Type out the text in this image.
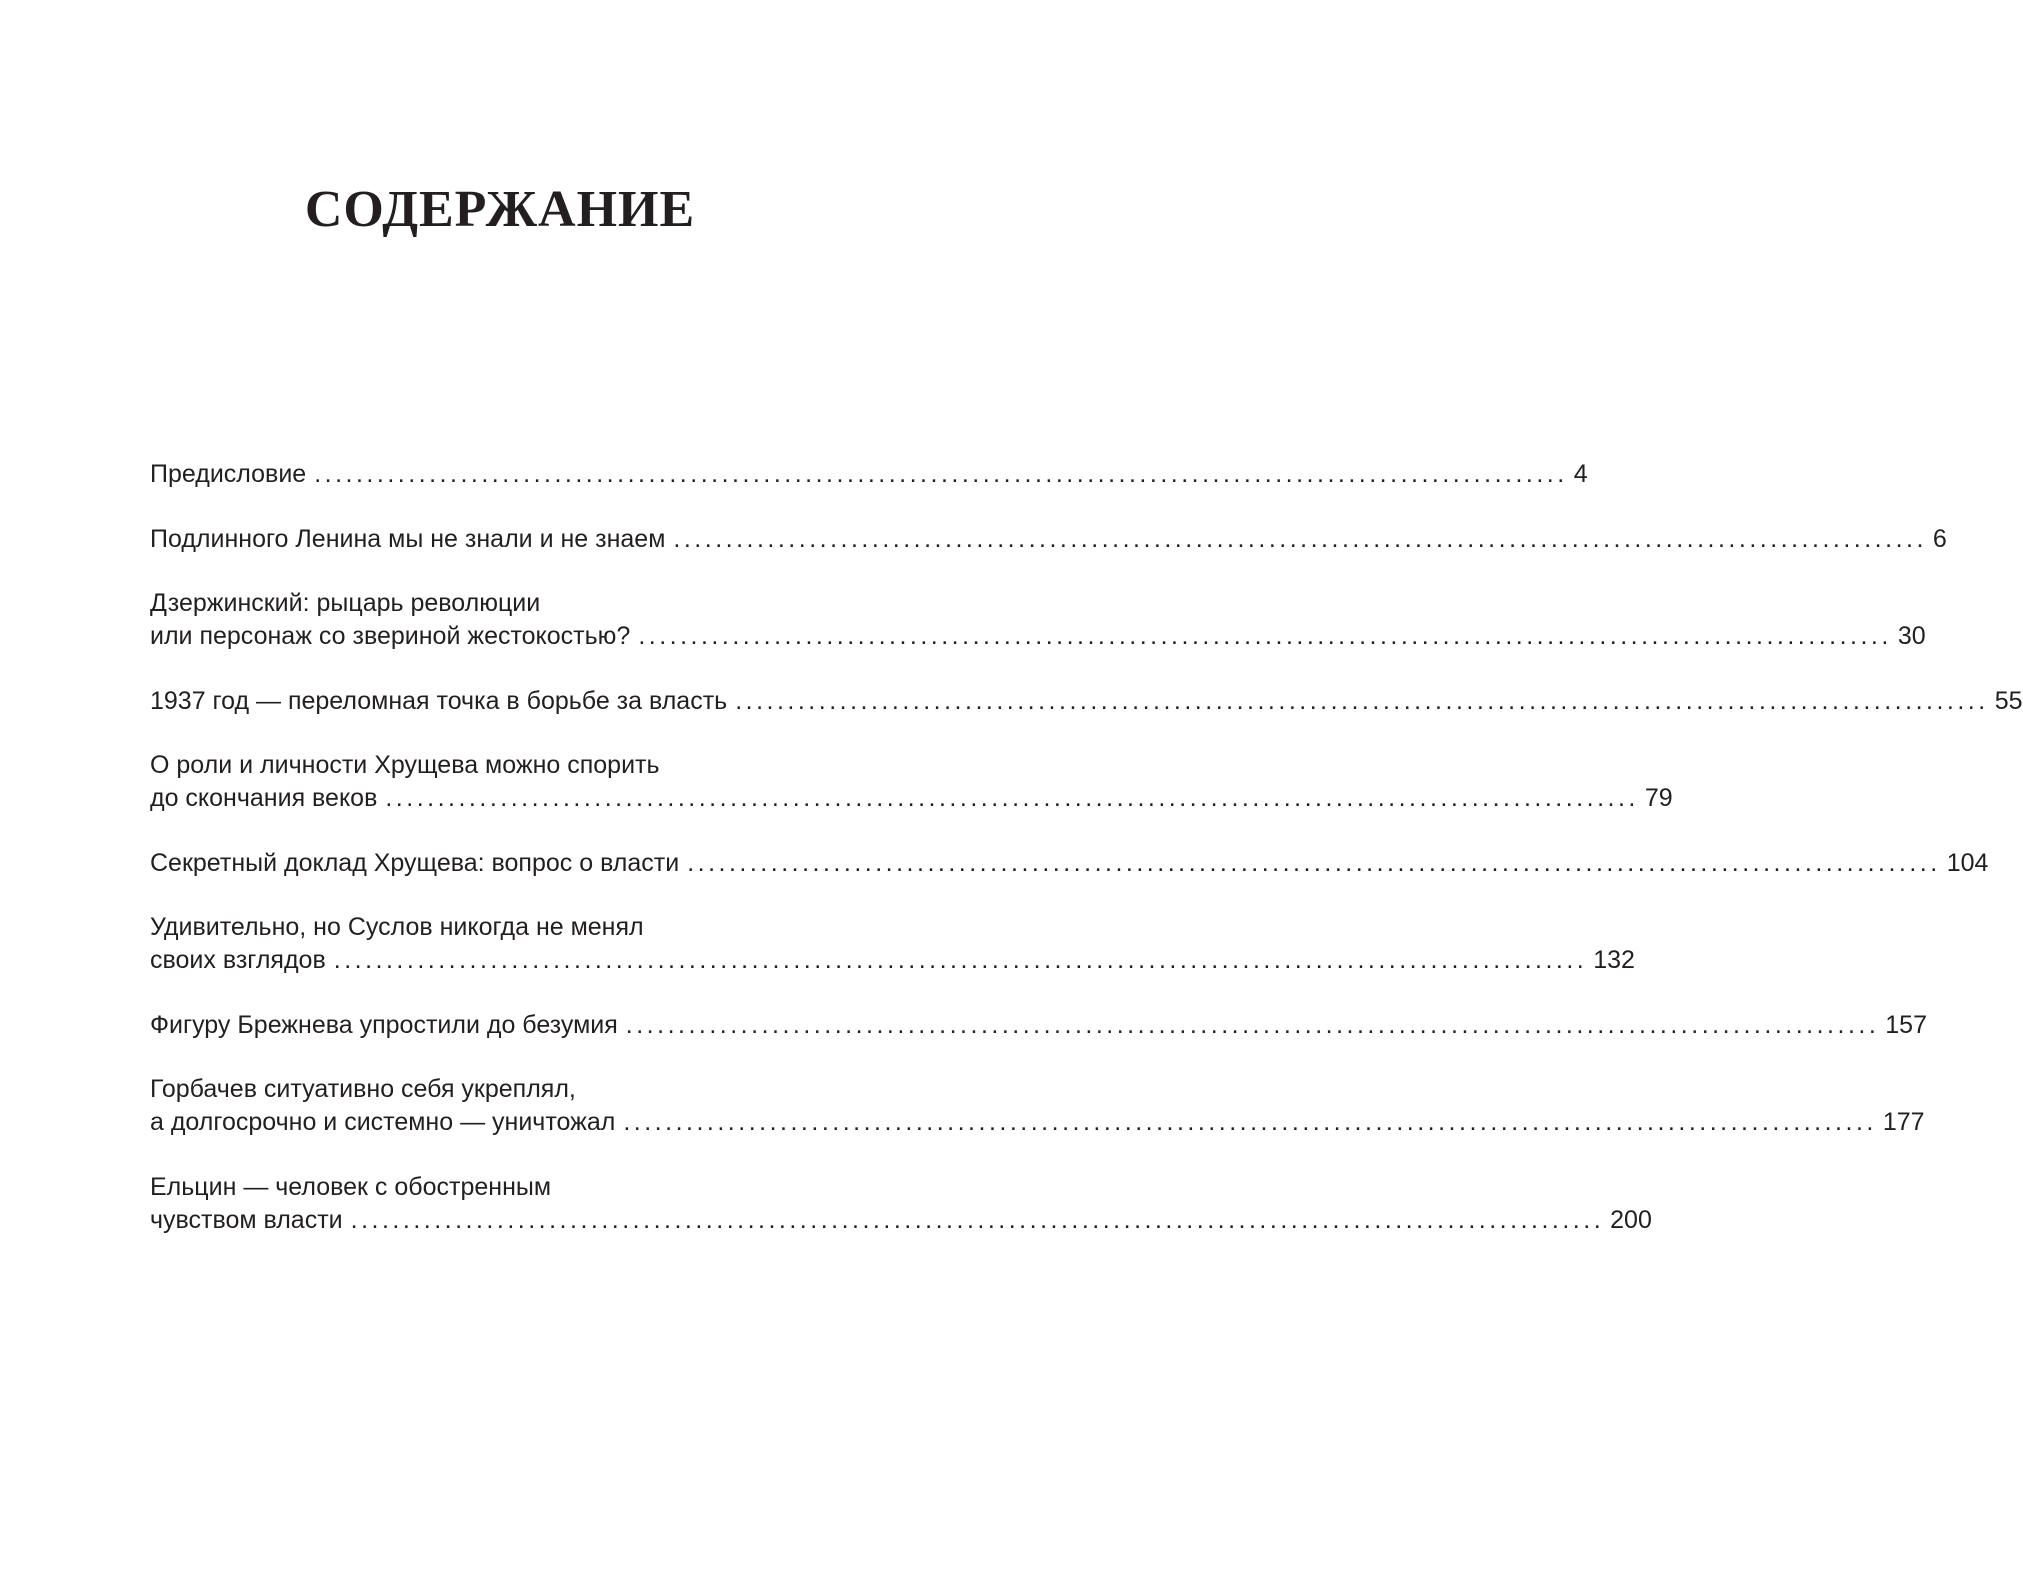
СОДЕРЖАНИЕ
Предисловие ........................................................................................................................ 4
Подлинного Ленина мы не знали и не знаем ........................................................................................................................ 6
Дзержинский: рыцарь революции
или персонаж со звериной жестокостью? ........................................................................................................................ 30
1937 год — переломная точка в борьбе за власть ........................................................................................................................ 55
О роли и личности Хрущева можно спорить
до скончания веков ........................................................................................................................ 79
Секретный доклад Хрущева: вопрос о власти ........................................................................................................................ 104
Удивительно, но Суслов никогда не менял
своих взглядов ........................................................................................................................ 132
Фигуру Брежнева упростили до безумия ........................................................................................................................ 157
Горбачев ситуативно себя укреплял,
а долгосрочно и системно — уничтожал ........................................................................................................................ 177
Ельцин — человек с обостренным
чувством власти ........................................................................................................................ 200
